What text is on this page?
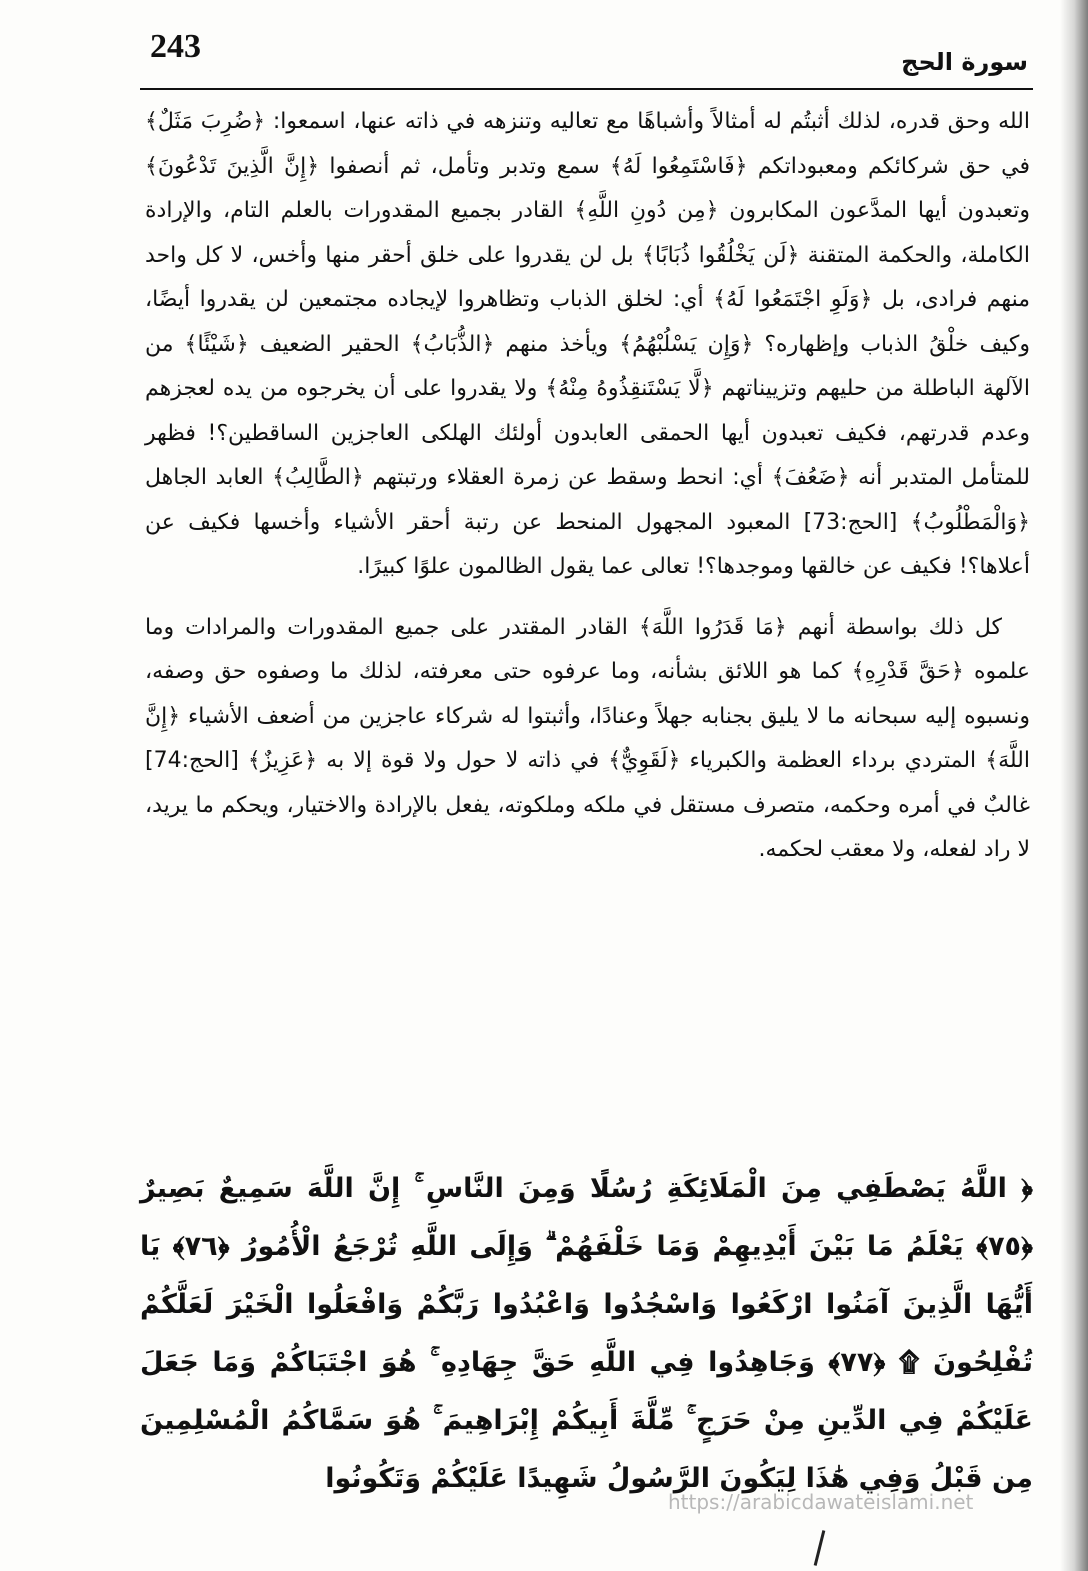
243	سورة الحج

الله وحق قدره، لذلك أثبتُم له أمثالاً وأشباهًا مع تعاليه وتنزهه في ذاته عنها، اسمعوا: ﴿ضُرِبَ مَثَلٌ﴾ في حق شركائكم ومعبوداتكم ﴿فَاسْتَمِعُوا لَهُ﴾ سمع وتدبر وتأمل، ثم أنصفوا ﴿إِنَّ الَّذِينَ تَدْعُونَ﴾ وتعبدون أيها المدَّعون المكابرون ﴿مِن دُونِ اللَّهِ﴾ القادر بجميع المقدورات بالعلم التام، والإرادة الكاملة، والحكمة المتقنة ﴿لَن يَخْلُقُوا ذُبَابًا﴾ بل لن يقدروا على خلق أحقر منها وأخس، لا كل واحد منهم فرادى، بل ﴿وَلَوِ اجْتَمَعُوا لَهُ﴾ أي: لخلق الذباب وتظاهروا لإيجاده مجتمعين لن يقدروا أيضًا، وكيف خلْقُ الذباب وإظهاره؟ ﴿وَإِن يَسْلُبْهُمُ﴾ ويأخذ منهم ﴿الذُّبَابُ﴾ الحقير الضعيف ﴿شَيْئًا﴾ من الآلهة الباطلة من حليهم وتزييناتهم ﴿لَّا يَسْتَنقِذُوهُ مِنْهُ﴾ ولا يقدروا على أن يخرجوه من يده لعجزهم وعدم قدرتهم، فكيف تعبدون أيها الحمقى العابدون أولئك الهلكى العاجزين الساقطين؟! فظهر للمتأمل المتدبر أنه ﴿ضَعُفَ﴾ أي: انحط وسقط عن زمرة العقلاء ورتبتهم ﴿الطَّالِبُ﴾ العابد الجاهل ﴿وَالْمَطْلُوبُ﴾ [الحج:73] المعبود المجهول المنحط عن رتبة أحقر الأشياء وأخسها فكيف عن أعلاها؟! فكيف عن خالقها وموجدها؟! تعالى عما يقول الظالمون علوًا كبيرًا.

كل ذلك بواسطة أنهم ﴿مَا قَدَرُوا اللَّهَ﴾ القادر المقتدر على جميع المقدورات والمرادات وما علموه ﴿حَقَّ قَدْرِهِ﴾ كما هو اللائق بشأنه، وما عرفوه حتى معرفته، لذلك ما وصفوه حق وصفه، ونسبوه إليه سبحانه ما لا يليق بجنابه جهلاً وعنادًا، وأثبتوا له شركاء عاجزين من أضعف الأشياء ﴿إِنَّ اللَّهَ﴾ المتردي برداء العظمة والكبرياء ﴿لَقَوِيٌّ﴾ في ذاته لا حول ولا قوة إلا به ﴿عَزِيزٌ﴾ [الحج:74] غالبٌ في أمره وحكمه، متصرف مستقل في ملكه وملكوته، يفعل بالإرادة والاختيار، ويحكم ما يريد، لا راد لفعله، ولا معقب لحكمه.

﴿ اللَّهُ يَصْطَفِي مِنَ الْمَلَائِكَةِ رُسُلًا وَمِنَ النَّاسِ ۚ إِنَّ اللَّهَ سَمِيعٌ بَصِيرٌ ﴿٧٥﴾ يَعْلَمُ مَا بَيْنَ أَيْدِيهِمْ وَمَا خَلْفَهُمْ ۗ وَإِلَى اللَّهِ تُرْجَعُ الْأُمُورُ ﴿٧٦﴾ يَا أَيُّهَا الَّذِينَ آمَنُوا ارْكَعُوا وَاسْجُدُوا وَاعْبُدُوا رَبَّكُمْ وَافْعَلُوا الْخَيْرَ لَعَلَّكُمْ تُفْلِحُونَ ۩ ﴿٧٧﴾ وَجَاهِدُوا فِي اللَّهِ حَقَّ جِهَادِهِ ۚ هُوَ اجْتَبَاكُمْ وَمَا جَعَلَ عَلَيْكُمْ فِي الدِّينِ مِنْ حَرَجٍ ۚ مِّلَّةَ أَبِيكُمْ إِبْرَاهِيمَ ۚ هُوَ سَمَّاكُمُ الْمُسْلِمِينَ مِن قَبْلُ وَفِي هَٰذَا لِيَكُونَ الرَّسُولُ شَهِيدًا عَلَيْكُمْ وَتَكُونُوا

https://arabicdawateislami.net
